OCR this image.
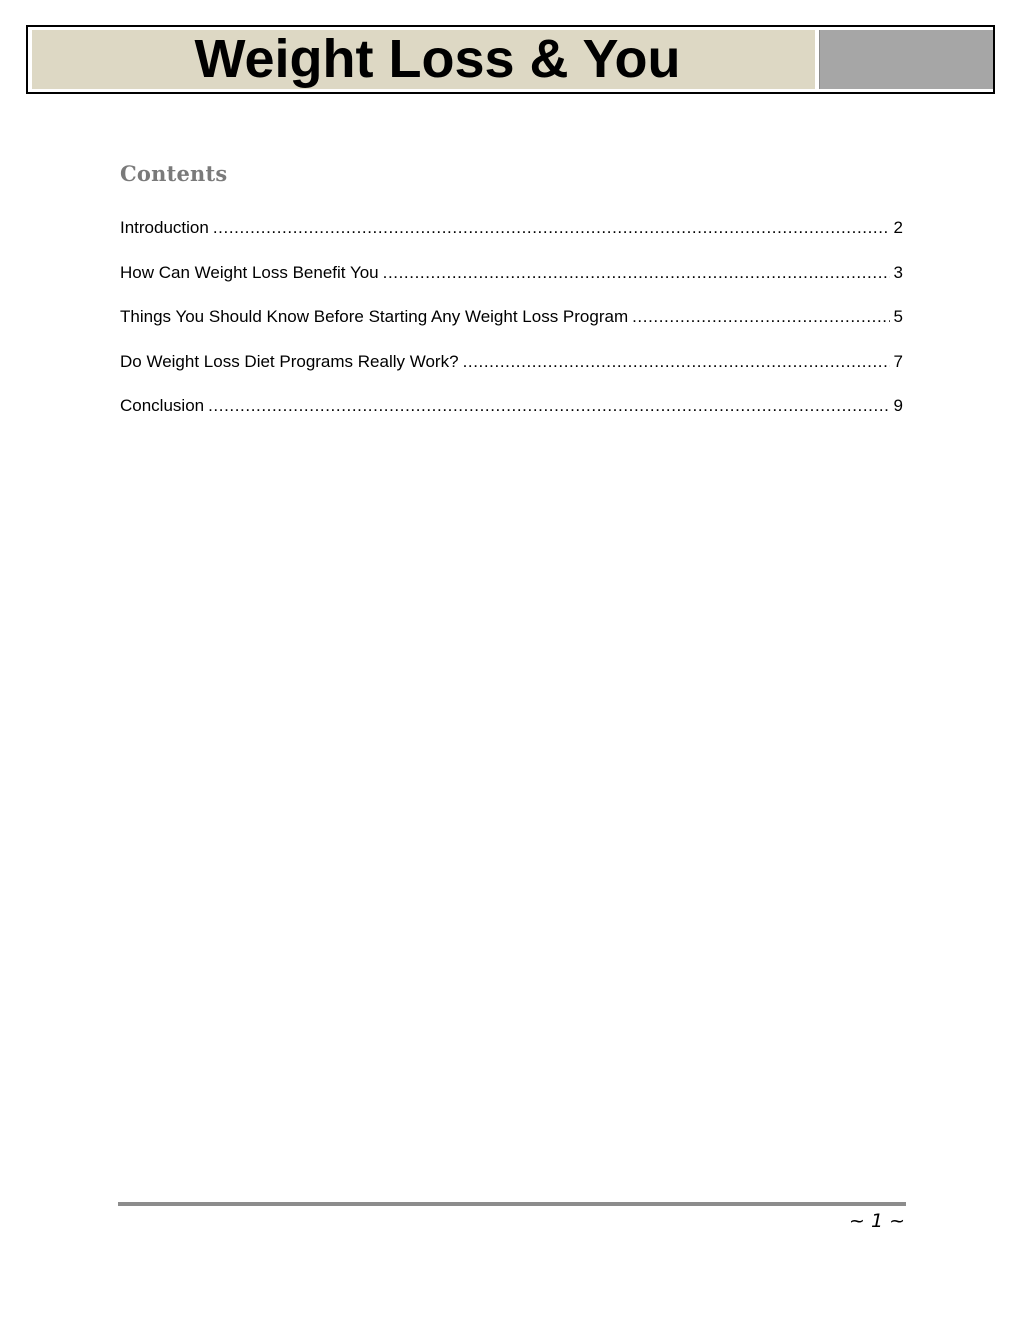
Weight Loss & You
Contents
Introduction .....	2
How Can Weight Loss Benefit You .....	3
Things You Should Know Before Starting Any Weight Loss Program .....	5
Do Weight Loss Diet Programs Really Work? .....	7
Conclusion .....	9

~ 1 ~
